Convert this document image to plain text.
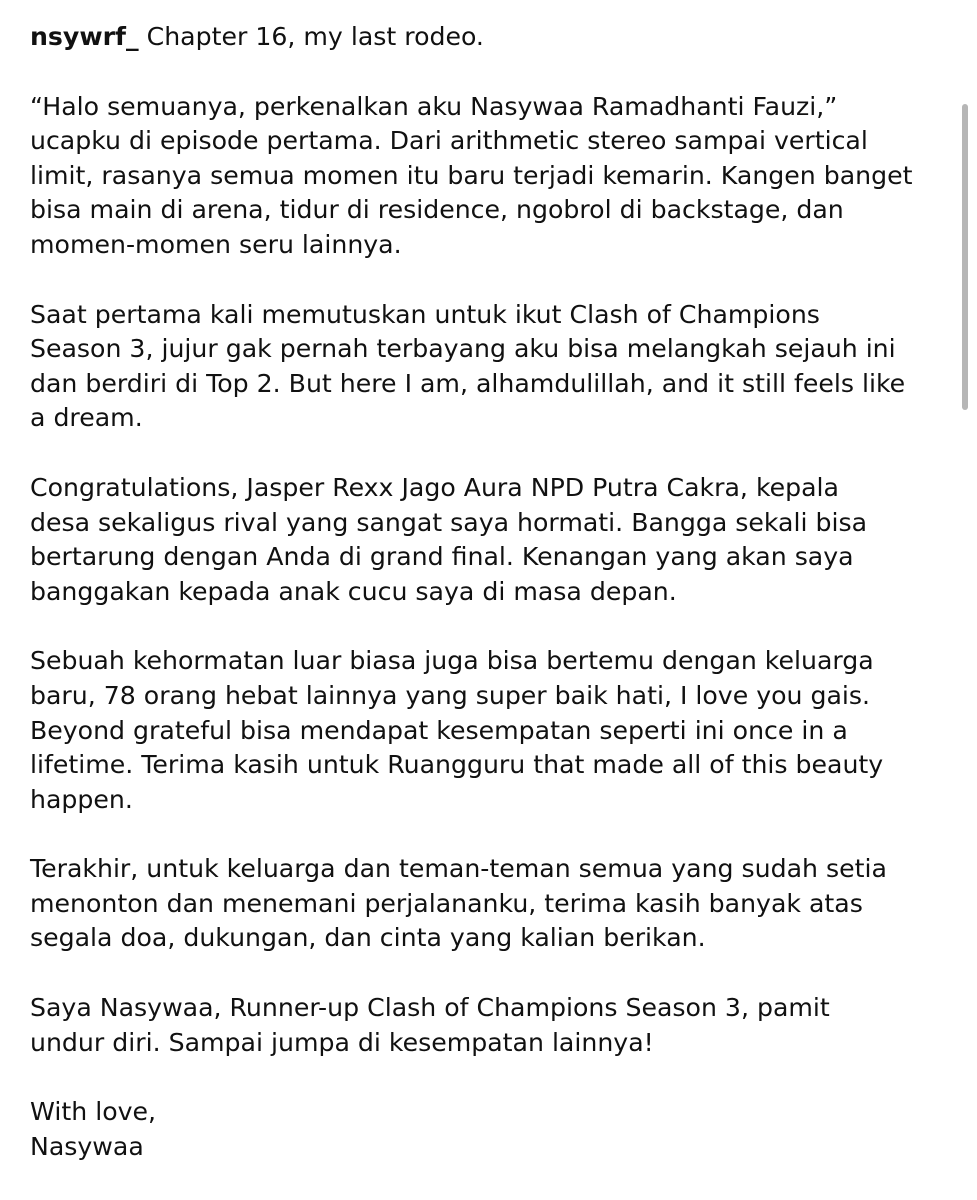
nsywrf_ Chapter 16, my last rodeo.

“Halo semuanya, perkenalkan aku Nasywaa Ramadhanti Fauzi,”
ucapku di episode pertama. Dari arithmetic stereo sampai vertical
limit, rasanya semua momen itu baru terjadi kemarin. Kangen banget
bisa main di arena, tidur di residence, ngobrol di backstage, dan
momen-momen seru lainnya.

Saat pertama kali memutuskan untuk ikut Clash of Champions
Season 3, jujur gak pernah terbayang aku bisa melangkah sejauh ini
dan berdiri di Top 2. But here I am, alhamdulillah, and it still feels like
a dream.

Congratulations, Jasper Rexx Jago Aura NPD Putra Cakra, kepala
desa sekaligus rival yang sangat saya hormati. Bangga sekali bisa
bertarung dengan Anda di grand final. Kenangan yang akan saya
banggakan kepada anak cucu saya di masa depan.

Sebuah kehormatan luar biasa juga bisa bertemu dengan keluarga
baru, 78 orang hebat lainnya yang super baik hati, I love you gais.
Beyond grateful bisa mendapat kesempatan seperti ini once in a
lifetime. Terima kasih untuk Ruangguru that made all of this beauty
happen.

Terakhir, untuk keluarga dan teman-teman semua yang sudah setia
menonton dan menemani perjalananku, terima kasih banyak atas
segala doa, dukungan, dan cinta yang kalian berikan.

Saya Nasywaa, Runner-up Clash of Champions Season 3, pamit
undur diri. Sampai jumpa di kesempatan lainnya!

With love,
Nasywaa
